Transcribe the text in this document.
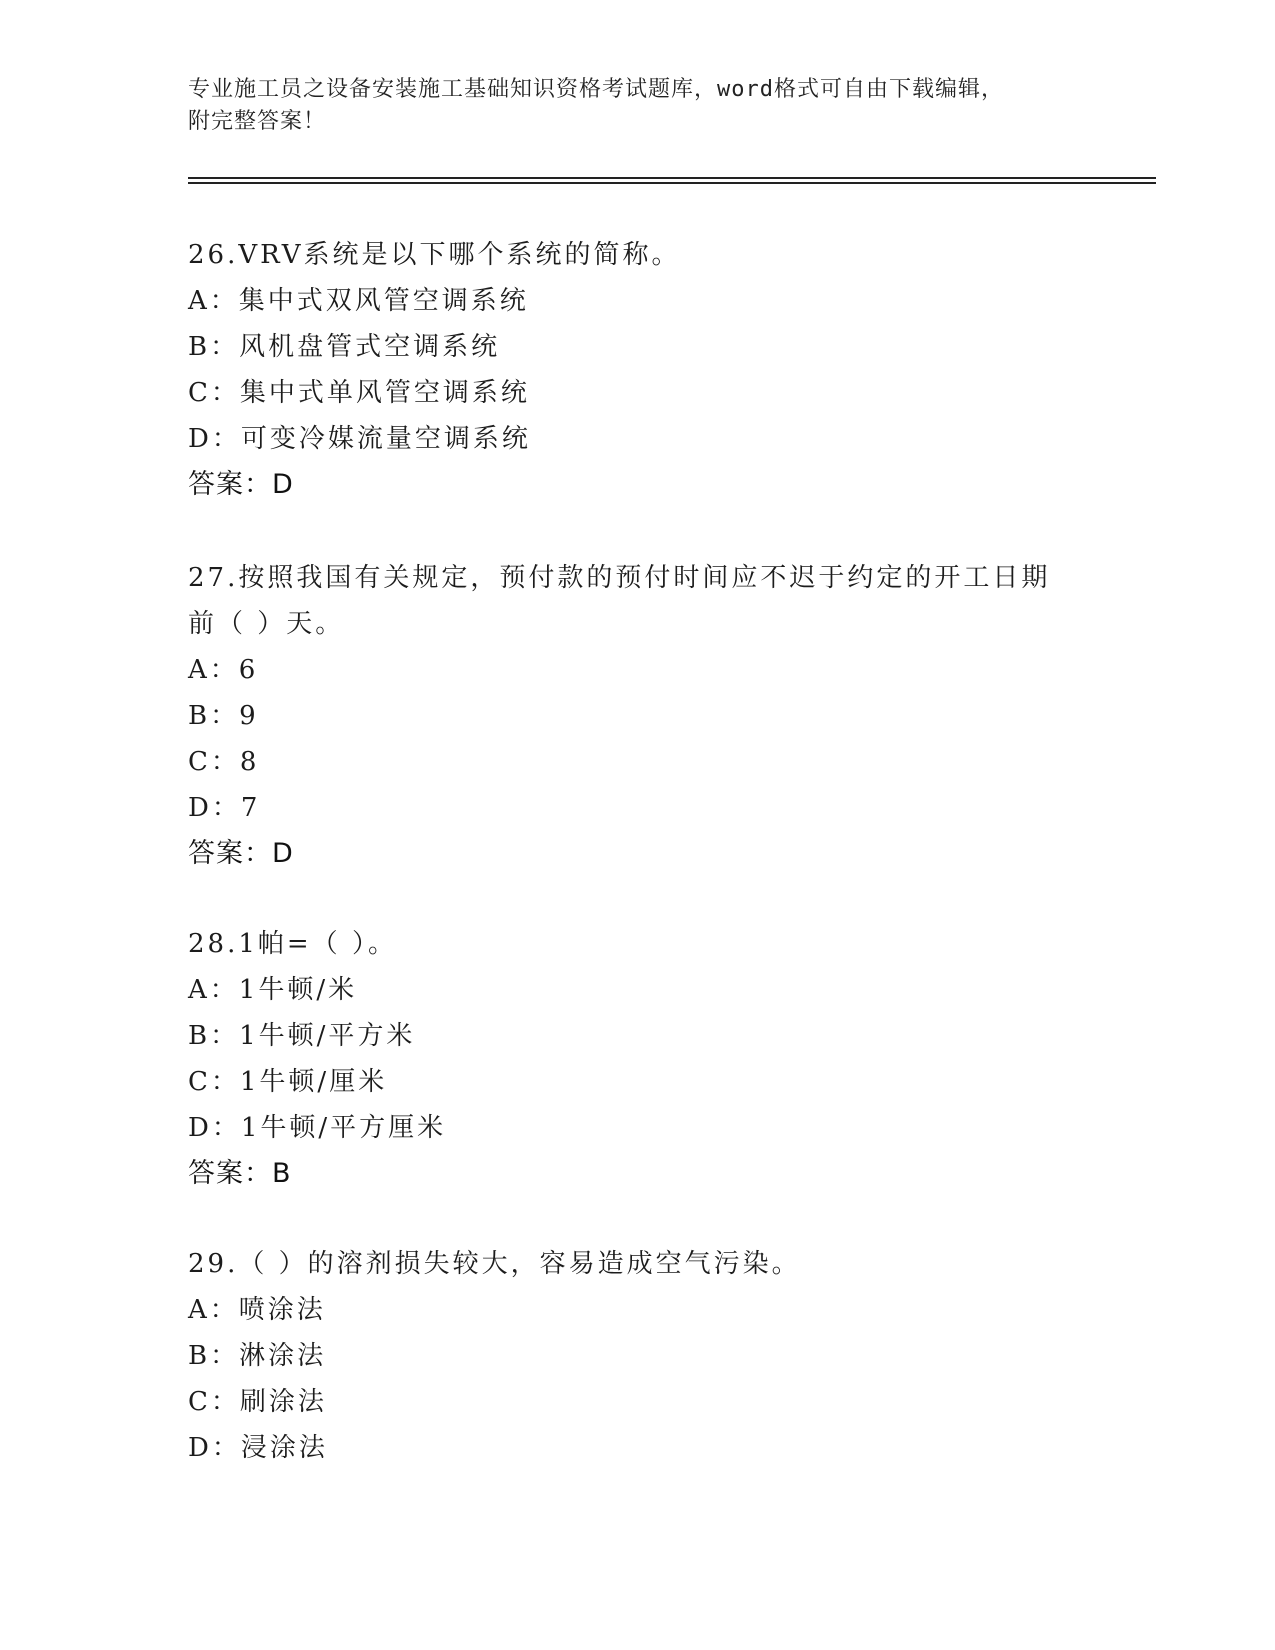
专业施工员之设备安装施工基础知识资格考试题库，word格式可自由下载编辑，
附完整答案！
26.VRV系统是以下哪个系统的简称。
A：集中式双风管空调系统
B：风机盘管式空调系统
C：集中式单风管空调系统
D：可变冷媒流量空调系统
答案：D
27.按照我国有关规定，预付款的预付时间应不迟于约定的开工日期前（ ）天。
A：6
B：9
C：8
D：7
答案：D
28.1帕=（ ）。
A：1牛顿/米
B：1牛顿/平方米
C：1牛顿/厘米
D：1牛顿/平方厘米
答案：B
29.（ ）的溶剂损失较大，容易造成空气污染。
A：喷涂法
B：淋涂法
C：刷涂法
D：浸涂法
